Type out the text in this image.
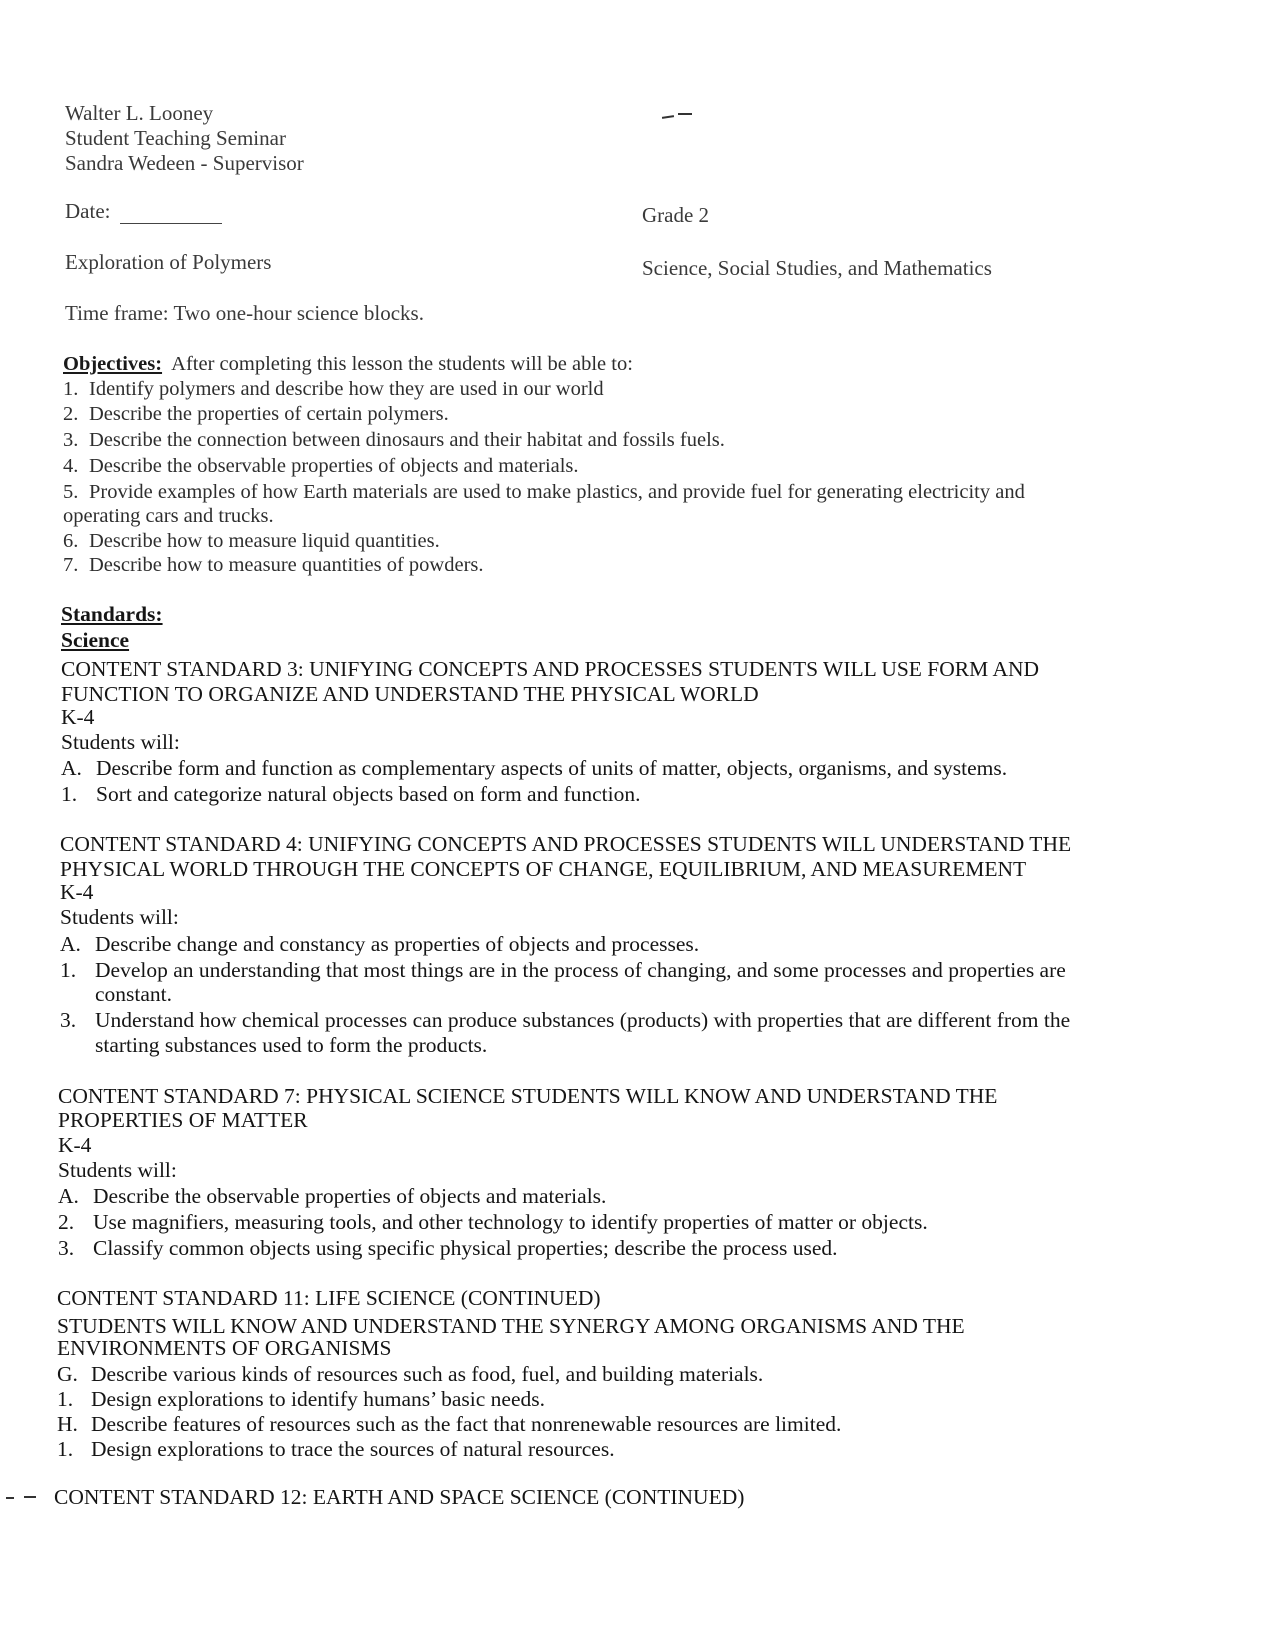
Walter L. Looney
Student Teaching Seminar
Sandra Wedeen - Supervisor
Date:	Grade 2
Exploration of Polymers	Science, Social Studies, and Mathematics
Time frame: Two one-hour science blocks.
Objectives: After completing this lesson the students will be able to:
1. Identify polymers and describe how they are used in our world
2. Describe the properties of certain polymers.
3. Describe the connection between dinosaurs and their habitat and fossils fuels.
4. Describe the observable properties of objects and materials.
5. Provide examples of how Earth materials are used to make plastics, and provide fuel for generating electricity and
operating cars and trucks.
6. Describe how to measure liquid quantities.
7. Describe how to measure quantities of powders.
Standards:
Science
CONTENT STANDARD 3: UNIFYING CONCEPTS AND PROCESSES STUDENTS WILL USE FORM AND
FUNCTION TO ORGANIZE AND UNDERSTAND THE PHYSICAL WORLD
K-4
Students will:
A. Describe form and function as complementary aspects of units of matter, objects, organisms, and systems.
1. Sort and categorize natural objects based on form and function.
CONTENT STANDARD 4: UNIFYING CONCEPTS AND PROCESSES STUDENTS WILL UNDERSTAND THE
PHYSICAL WORLD THROUGH THE CONCEPTS OF CHANGE, EQUILIBRIUM, AND MEASUREMENT
K-4
Students will:
A. Describe change and constancy as properties of objects and processes.
1. Develop an understanding that most things are in the process of changing, and some processes and properties are
constant.
3. Understand how chemical processes can produce substances (products) with properties that are different from the
starting substances used to form the products.
CONTENT STANDARD 7: PHYSICAL SCIENCE STUDENTS WILL KNOW AND UNDERSTAND THE
PROPERTIES OF MATTER
K-4
Students will:
A. Describe the observable properties of objects and materials.
2. Use magnifiers, measuring tools, and other technology to identify properties of matter or objects.
3. Classify common objects using specific physical properties; describe the process used.
CONTENT STANDARD 11: LIFE SCIENCE (CONTINUED)
STUDENTS WILL KNOW AND UNDERSTAND THE SYNERGY AMONG ORGANISMS AND THE
ENVIRONMENTS OF ORGANISMS
G. Describe various kinds of resources such as food, fuel, and building materials.
1. Design explorations to identify humans’ basic needs.
H. Describe features of resources such as the fact that nonrenewable resources are limited.
1. Design explorations to trace the sources of natural resources.
CONTENT STANDARD 12: EARTH AND SPACE SCIENCE (CONTINUED)
